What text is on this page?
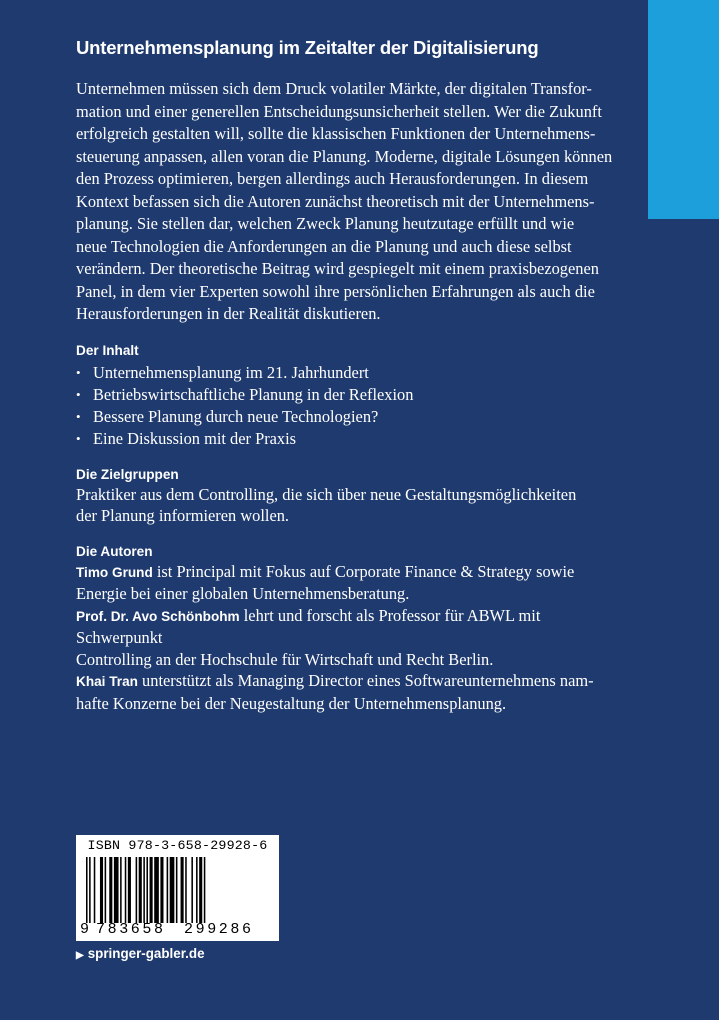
Unternehmensplanung im Zeitalter der Digitalisierung

Unternehmen müssen sich dem Druck volatiler Märkte, der digitalen Transfor-
mation und einer generellen Entscheidungsunsicherheit stellen. Wer die Zukunft
erfolgreich gestalten will, sollte die klassischen Funktionen der Unternehmens-
steuerung anpassen, allen voran die Planung. Moderne, digitale Lösungen können
den Prozess optimieren, bergen allerdings auch Herausforderungen. In diesem
Kontext befassen sich die Autoren zunächst theoretisch mit der Unternehmens-
planung. Sie stellen dar, welchen Zweck Planung heutzutage erfüllt und wie
neue Technologien die Anforderungen an die Planung und auch diese selbst
verändern. Der theoretische Beitrag wird gespiegelt mit einem praxisbezogenen
Panel, in dem vier Experten sowohl ihre persönlichen Erfahrungen als auch die
Herausforderungen in der Realität diskutieren.

Der Inhalt
• Unternehmensplanung im 21. Jahrhundert
• Betriebswirtschaftliche Planung in der Reflexion
• Bessere Planung durch neue Technologien?
• Eine Diskussion mit der Praxis
Die Zielgruppen

Praktiker aus dem Controlling, die sich über neue Gestaltungsmöglichkeiten
der Planung informieren wollen.

Die Autoren

Timo Grund ist Principal mit Fokus auf Corporate Finance & Strategy sowie
Energie bei einer globalen Unternehmensberatung.

Prof. Dr. Avo Schönbohm lehrt und forscht als Professor für ABWL mit Schwerpunkt
Controlling an der Hochschule für Wirtschaft und Recht Berlin.

Khai Tran unterstützt als Managing Director eines Softwareunternehmens nam-
hafte Konzerne bei der Neugestaltung der Unternehmensplanung.

ISBN 978-3-658-29928-6
9 783658 299286
▶ springer-gabler.de
